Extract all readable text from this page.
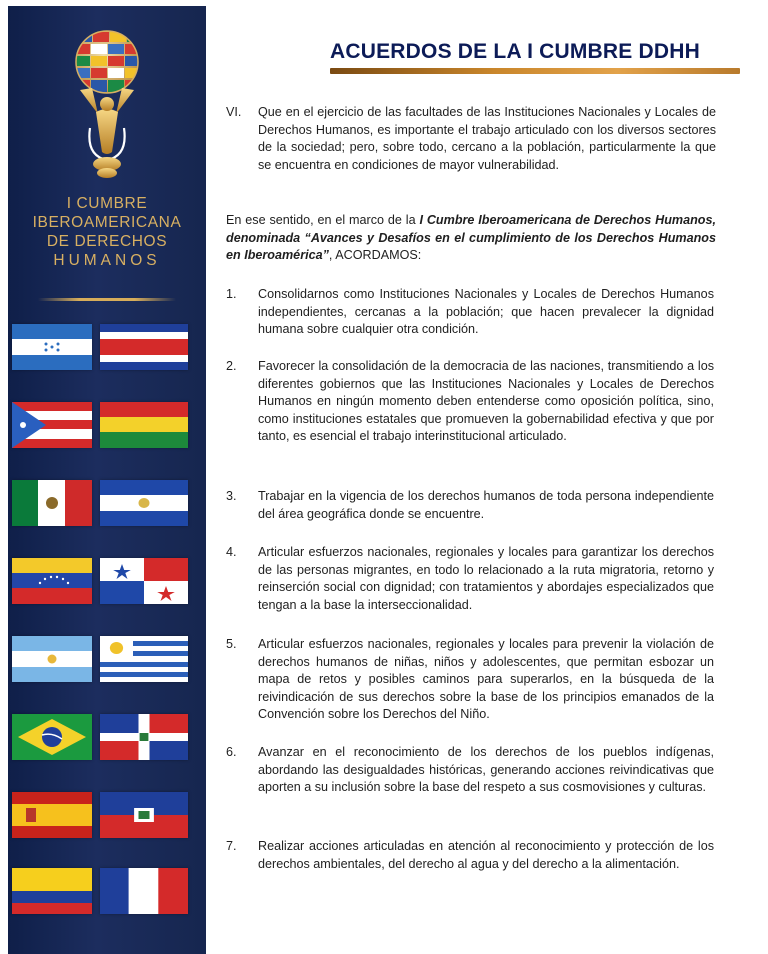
I CUMBRE
IBEROAMERICANA
DE DERECHOS
HUMANOS
ACUERDOS DE LA I CUMBRE DDHH
VI. Que en el ejercicio de las facultades de las Instituciones Nacionales y Locales de Derechos Humanos, es importante el trabajo articulado con los diversos sectores de la sociedad; pero, sobre todo, cercano a la población, particularmente la que se encuentra en condiciones de mayor vulnerabilidad.
En ese sentido, en el marco de la I Cumbre Iberoamericana de Derechos Humanos, denominada “Avances y Desafíos en el cumplimiento de los Derechos Humanos en Iberoamérica”, ACORDAMOS:
1. Consolidarnos como Instituciones Nacionales y Locales de Derechos Humanos independientes, cercanas a la población; que hacen prevalecer la dignidad humana sobre cualquier otra condición.
2. Favorecer la consolidación de la democracia de las naciones, transmitiendo a los diferentes gobiernos que las Instituciones Nacionales y Locales de Derechos Humanos en ningún momento deben entenderse como oposición política, sino, como instituciones estatales que promueven la gobernabilidad efectiva y que por tanto, es esencial el trabajo interinstitucional articulado.
3. Trabajar en la vigencia de los derechos humanos de toda persona independiente del área geográfica donde se encuentre.
4. Articular esfuerzos nacionales, regionales y locales para garantizar los derechos de las personas migrantes, en todo lo relacionado a la ruta migratoria, retorno y reinserción social con dignidad; con tratamientos y abordajes especializados que tengan a la base la interseccionalidad.
5. Articular esfuerzos nacionales, regionales y locales para prevenir la violación de derechos humanos de niñas, niños y adolescentes, que permitan esbozar un mapa de retos y posibles caminos para superarlos, en la búsqueda de la reivindicación de sus derechos sobre la base de los principios emanados de la Convención sobre los Derechos del Niño.
6. Avanzar en el reconocimiento de los derechos de los pueblos indígenas, abordando las desigualdades históricas, generando acciones reivindicativas que aporten a su inclusión sobre la base del respeto a sus cosmovisiones y culturas.
7. Realizar acciones articuladas en atención al reconocimiento y protección de los derechos ambientales, del derecho al agua y del derecho a la alimentación.
